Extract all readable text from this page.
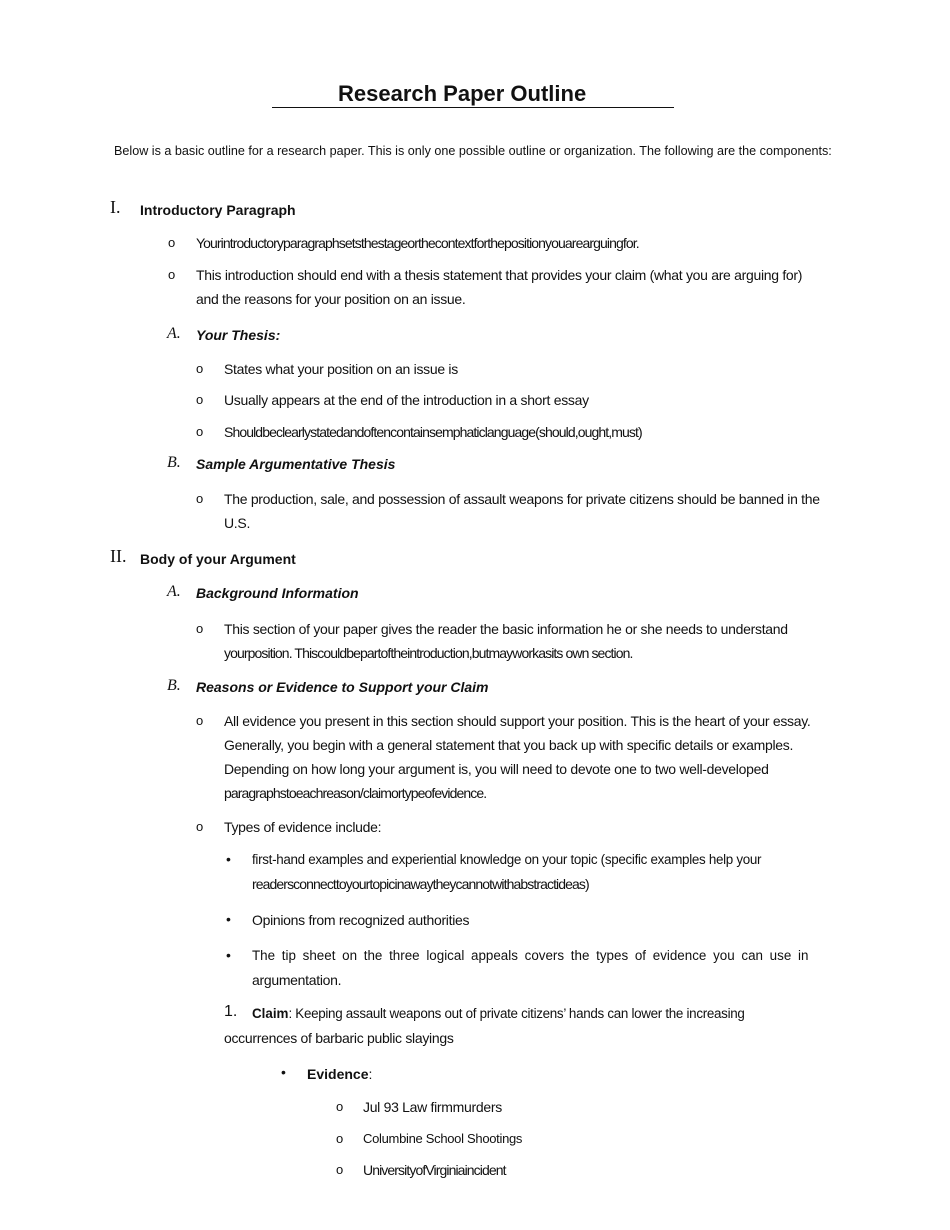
Research Paper Outline
Below is a basic outline for a research paper. This is only one possible outline or organization. The following are the components:
I. Introductory Paragraph
o Yourintroductoryparagraphsetsthestageorthecontextforthepositionyouarearguingfor.
o This introduction should end with a thesis statement that provides your claim (what you are arguing for)
and the reasons for your position on an issue.
A. Your Thesis:
o States what your position on an issue is
o Usually appears at the end of the introduction in a short essay
o Shouldbeclearlystatedandoftencontainsemphaticlanguage(should,ought,must)
B. Sample Argumentative Thesis
o The production, sale, and possession of assault weapons for private citizens should be banned in the
U.S.
II. Body of your Argument
A. Background Information
o This section of your paper gives the reader the basic information he or she needs to understand
yourposition. Thiscouldbepartoftheintroduction,butmayworkasits own section.
B. Reasons or Evidence to Support your Claim
o All evidence you present in this section should support your position. This is the heart of your essay.
Generally, you begin with a general statement that you back up with specific details or examples.
Depending on how long your argument is, you will need to devote one to two well-developed
paragraphstoeachreason/claimortypeofevidence.
o Types of evidence include:
• first-hand examples and experiential knowledge on your topic (specific examples help your
readersconnecttoyourtopicinawaytheycannotwithabstractideas)
• Opinions from recognized authorities
• The tip sheet on the three logical appeals covers the types of evidence you can use in
argumentation.
1. Claim: Keeping assault weapons out of private citizens’ hands can lower the increasing
occurrences of barbaric public slayings
• Evidence:
o Jul 93 Law firmmurders
o Columbine School Shootings
o UniversityofVirginiaincident
